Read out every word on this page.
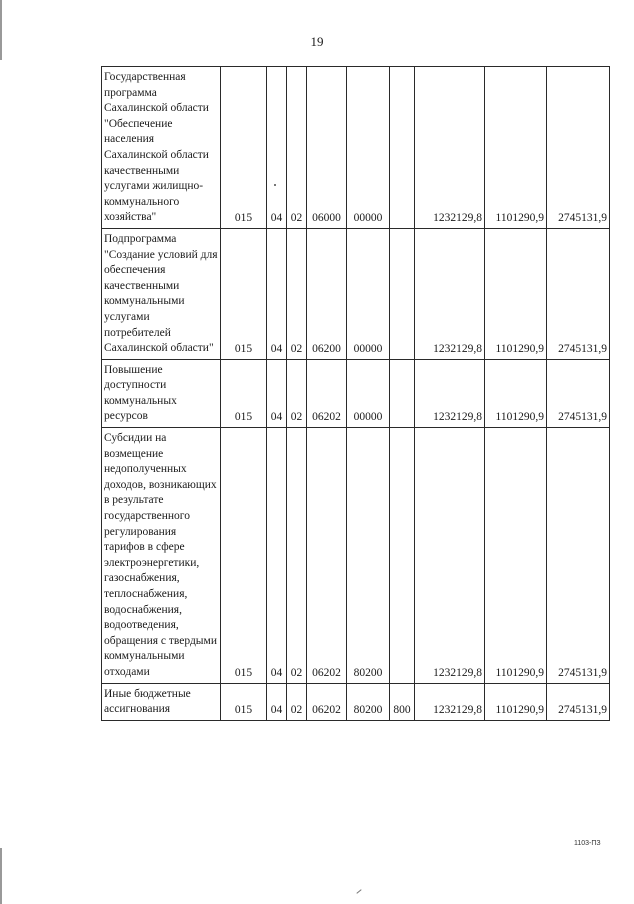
19
Государственная программа Сахалинской области "Обеспечение населения Сахалинской области качественными услугами жилищно-коммунального хозяйства"	015	04	02	06000	00000		1232129,8	1101290,9	2745131,9
Подпрограмма "Создание условий для обеспечения качественными коммунальными услугами потребителей Сахалинской области"	015	04	02	06200	00000		1232129,8	1101290,9	2745131,9
Повышение доступности коммунальных ресурсов	015	04	02	06202	00000		1232129,8	1101290,9	2745131,9
Субсидии на возмещение недополученных доходов, возникающих в результате государственного регулирования тарифов в сфере электроэнергетики, газоснабжения, теплоснабжения, водоснабжения, водоотведения, обращения с твердыми коммунальными отходами	015	04	02	06202	80200		1232129,8	1101290,9	2745131,9
Иные бюджетные ассигнования	015	04	02	06202	80200	800	1232129,8	1101290,9	2745131,9
1103-ПЗ
